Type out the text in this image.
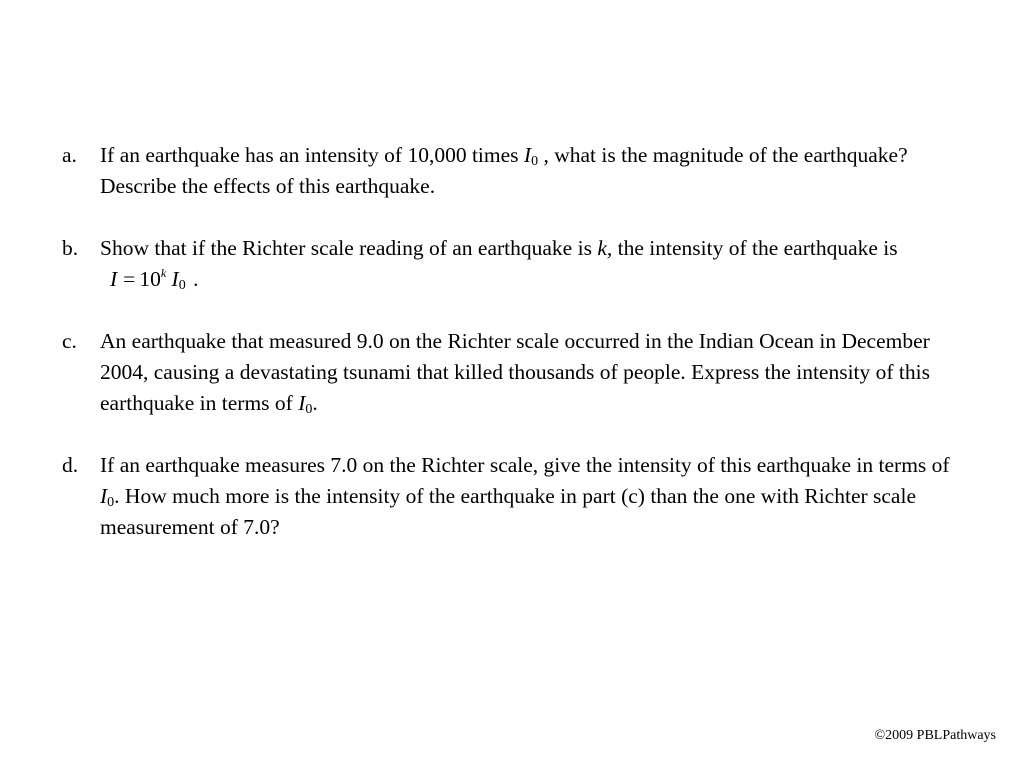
a.	If an earthquake has an intensity of 10,000 times $I_0$ , what is the magnitude of the earthquake? Describe the effects of this earthquake.
b.	Show that if the Richter scale reading of an earthquake is k, the intensity of the earthquake is $I = 10^k$ $I_0$ .
c.	An earthquake that measured 9.0 on the Richter scale occurred in the Indian Ocean in December 2004, causing a devastating tsunami that killed thousands of people. Express the intensity of this earthquake in terms of $I_0$.
d.	If an earthquake measures 7.0 on the Richter scale, give the intensity of this earthquake in terms of $I_0$. How much more is the intensity of the earthquake in part (c) than the one with Richter scale measurement of 7.0?
©2009 PBLPathways
